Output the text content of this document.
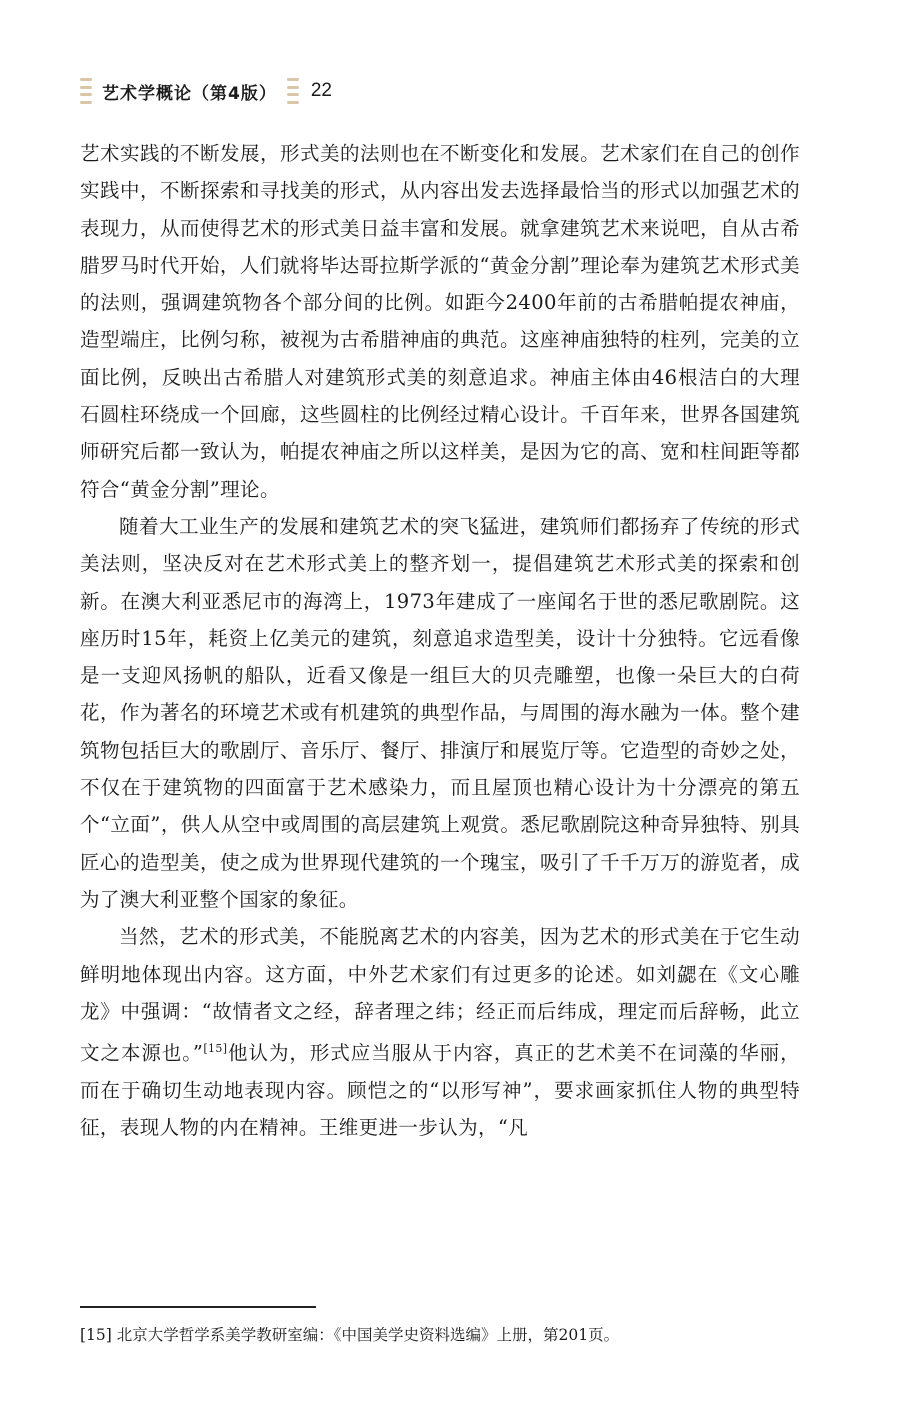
艺术学概论（第4版） 22

艺术实践的不断发展，形式美的法则也在不断变化和发展。艺术家们在自己的创作实践中，不断探索和寻找美的形式，从内容出发去选择最恰当的形式以加强艺术的表现力，从而使得艺术的形式美日益丰富和发展。就拿建筑艺术来说吧，自从古希腊罗马时代开始，人们就将毕达哥拉斯学派的“黄金分割”理论奉为建筑艺术形式美的法则，强调建筑物各个部分间的比例。如距今2400年前的古希腊帕提农神庙，造型端庄，比例匀称，被视为古希腊神庙的典范。这座神庙独特的柱列，完美的立面比例，反映出古希腊人对建筑形式美的刻意追求。神庙主体由46根洁白的大理石圆柱环绕成一个回廊，这些圆柱的比例经过精心设计。千百年来，世界各国建筑师研究后都一致认为，帕提农神庙之所以这样美，是因为它的高、宽和柱间距等都符合“黄金分割”理论。

随着大工业生产的发展和建筑艺术的突飞猛进，建筑师们都扬弃了传统的形式美法则，坚决反对在艺术形式美上的整齐划一，提倡建筑艺术形式美的探索和创新。在澳大利亚悉尼市的海湾上，1973年建成了一座闻名于世的悉尼歌剧院。这座历时15年，耗资上亿美元的建筑，刻意追求造型美，设计十分独特。它远看像是一支迎风扬帆的船队，近看又像是一组巨大的贝壳雕塑，也像一朵巨大的白荷花，作为著名的环境艺术或有机建筑的典型作品，与周围的海水融为一体。整个建筑物包括巨大的歌剧厅、音乐厅、餐厅、排演厅和展览厅等。它造型的奇妙之处，不仅在于建筑物的四面富于艺术感染力，而且屋顶也精心设计为十分漂亮的第五个“立面”，供人从空中或周围的高层建筑上观赏。悉尼歌剧院这种奇异独特、别具匠心的造型美，使之成为世界现代建筑的一个瑰宝，吸引了千千万万的游览者，成为了澳大利亚整个国家的象征。

当然，艺术的形式美，不能脱离艺术的内容美，因为艺术的形式美在于它生动鲜明地体现出内容。这方面，中外艺术家们有过更多的论述。如刘勰在《文心雕龙》中强调：“故情者文之经，辞者理之纬；经正而后纬成，理定而后辞畅，此立文之本源也。”[15]他认为，形式应当服从于内容，真正的艺术美不在词藻的华丽，而在于确切生动地表现内容。顾恺之的“以形写神”，要求画家抓住人物的典型特征，表现人物的内在精神。王维更进一步认为，“凡

[15] 北京大学哲学系美学教研室编：《中国美学史资料选编》上册，第201页。
